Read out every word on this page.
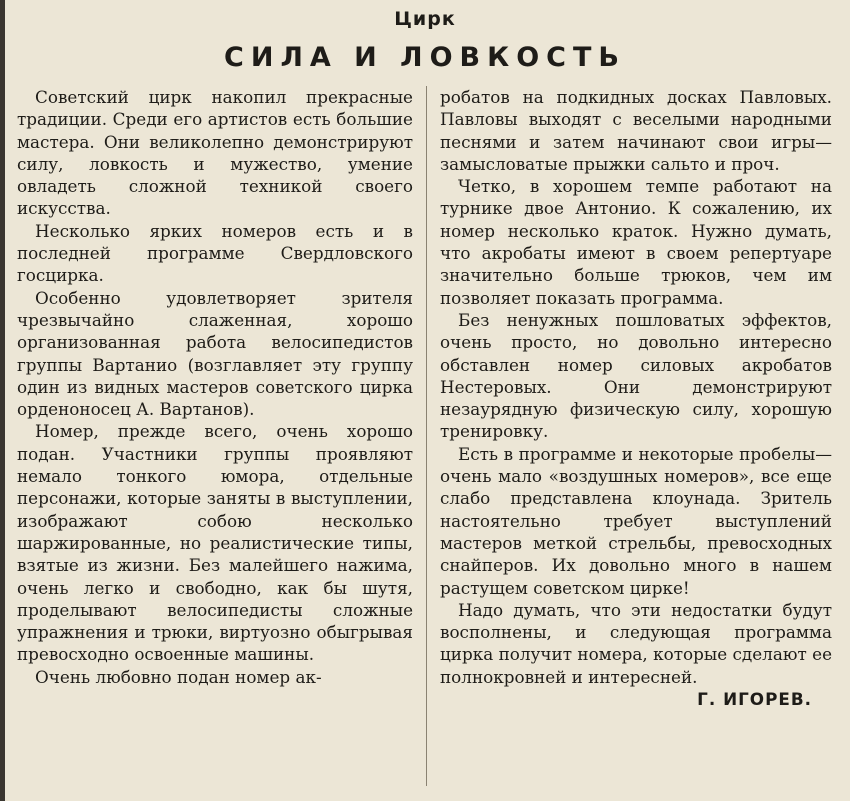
Цирк
СИЛА И ЛОВКОСТЬ

Советский цирк накопил прекрасные традиции. Среди его артистов есть большие мастера. Они великолепно демонстрируют силу, ловкость и мужество, умение овладеть сложной техникой своего искусства.

Несколько ярких номеров есть и в последней программе Свердловского госцирка.

Особенно удовлетворяет зрителя чрезвычайно слаженная, хорошо организованная работа велосипедистов группы Вартанио (возглавляет эту группу один из видных мастеров советского цирка орденоносец А. Вартанов).

Номер, прежде всего, очень хорошо подан. Участники группы проявляют немало тонкого юмора, отдельные персонажи, которые заняты в выступлении, изображают собою несколько шаржированные, но реалистические типы, взятые из жизни. Без малейшего нажима, очень легко и свободно, как бы шутя, проделывают велосипедисты сложные упражнения и трюки, виртуозно обыгрывая превосходно освоенные машины.

Очень любовно подан номер ак-

робатов на подкидных досках Павловых. Павловы выходят с веселыми народными песнями и затем начинают свои игры—замысловатые прыжки сальто и проч.

Четко, в хорошем темпе работают на турнике двое Антонио. К сожалению, их номер несколько краток. Нужно думать, что акробаты имеют в своем репертуаре значительно больше трюков, чем им позволяет показать программа.

Без ненужных пошловатых эффектов, очень просто, но довольно интересно обставлен номер силовых акробатов Нестеровых. Они демонстрируют незаурядную физическую силу, хорошую тренировку.

Есть в программе и некоторые пробелы—очень мало «воздушных номеров», все еще слабо представлена клоунада. Зритель настоятельно требует выступлений мастеров меткой стрельбы, превосходных снайперов. Их довольно много в нашем растущем советском цирке!

Надо думать, что эти недостатки будут восполнены, и следующая программа цирка получит номера, которые сделают ее полнокровней и интересней.
Г. ИГОРЕВ.
